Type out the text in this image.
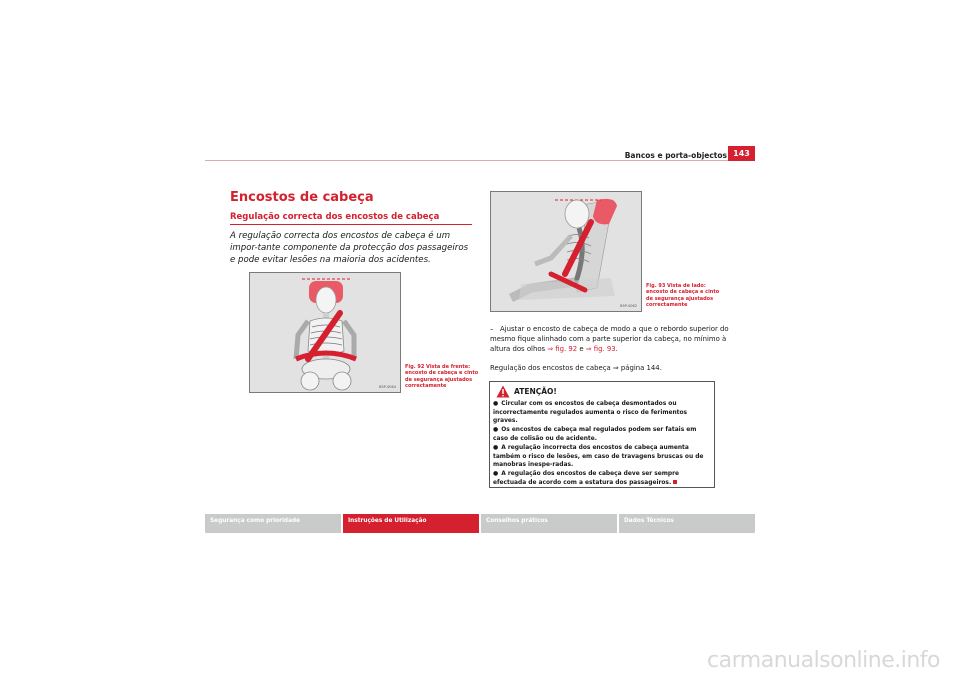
Bancos e porta-objectos 143
Encostos de cabeça
Regulação correcta dos encostos de cabeça
A regulação correcta dos encostos de cabeça é um impor-tante componente da protecção dos passageiros e pode evitar lesões na maioria dos acidentes.
B5P-0064
Fig. 92 Vista de frente: encosto de cabeça e cinto de segurança ajustados correctamente
B5P-0062
Fig. 93 Vista de lado: encosto de cabeça e cinto de segurança ajustados correctamente
– Ajustar o encosto de cabeça de modo a que o rebordo superior do mesmo fique alinhado com a parte superior da cabeça, no mínimo à altura dos olhos ⇒ fig. 92 e ⇒ fig. 93.
Regulação dos encostos de cabeça ⇒ página 144.
ATENÇÃO!
● Circular com os encostos de cabeça desmontados ou incorrectamente regulados aumenta o risco de ferimentos graves.
● Os encostos de cabeça mal regulados podem ser fatais em caso de colisão ou de acidente.
● A regulação incorrecta dos encostos de cabeça aumenta também o risco de lesões, em caso de travagens bruscas ou de manobras inespe-radas.
● A regulação dos encostos de cabeça deve ser sempre efectuada de acordo com a estatura dos passageiros.
Segurança como prioridade	Instruções de Utilização	Conselhos práticos	Dados Técnicos
carmanualsonline.info
